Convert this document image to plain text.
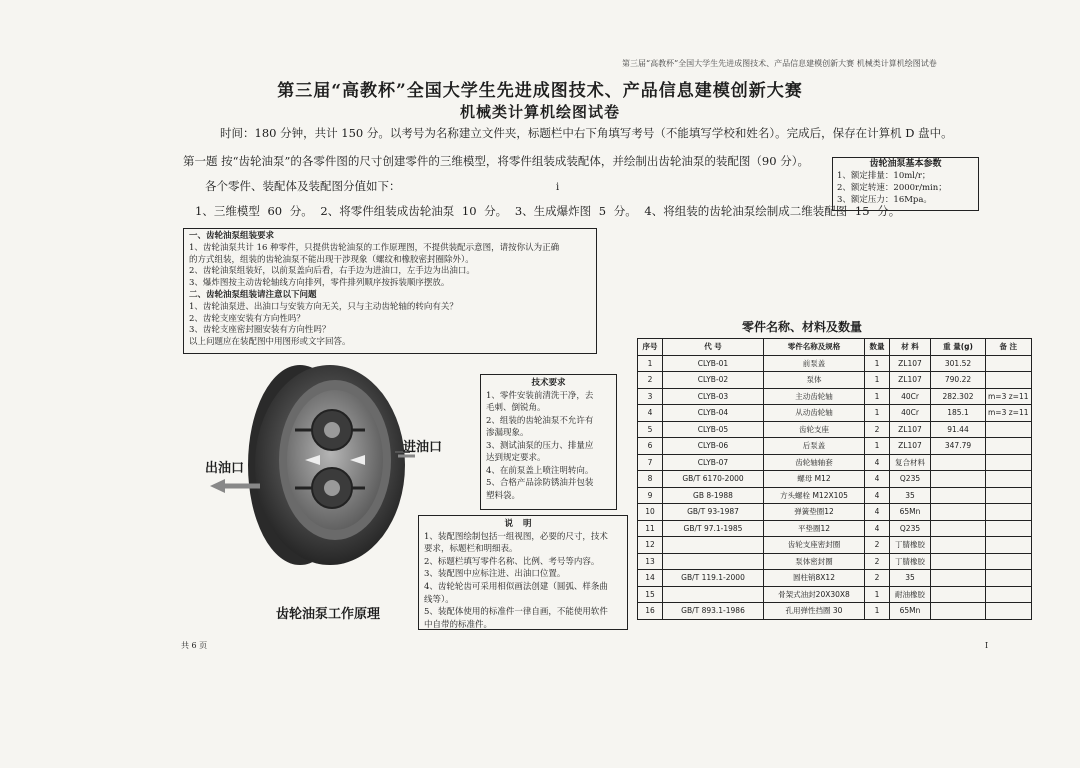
第三届“高教杯”全国大学生先进成图技术、产品信息建模创新大赛 机械类计算机绘图试卷
第三届“高教杯”全国大学生先进成图技术、产品信息建模创新大赛
机械类计算机绘图试卷
时间：180 分钟，共计 150 分。以考号为名称建立文件夹，标题栏中右下角填写考号（不能填写学校和姓名）。完成后，保存在计算机 D 盘中。
第一题 按“齿轮油泵”的各零件图的尺寸创建零件的三维模型，将零件组装成装配体，并绘制出齿轮油泵的装配图（90 分）。
各个零件、装配体及装配图分值如下：	i
1、三维模型 60 分。 2、将零件组装成齿轮油泵 10 分。 3、生成爆炸图 5 分。 4、将组装的齿轮油泵绘制成二维装配图 15 分。
齿轮油泵基本参数
1、额定排量：10ml/r；
2、额定转速：2000r/min；
3、额定压力：16Mpa。
一、齿轮油泵组装要求
1、齿轮油泵共计 16 种零件，只提供齿轮油泵的工作原理图，不提供装配示意图，请按你认为正确
的方式组装，组装的齿轮油泵不能出现干涉现象（螺纹和橡胶密封圈除外）。
2、齿轮油泵组装好，以前泵盖向后看，右手边为进油口，左手边为出油口。
3、爆炸图按主动齿轮轴线方向排列，零件排列顺序按拆装顺序摆放。
二、齿轮油泵组装请注意以下问题
1、齿轮油泵进、出油口与安装方向无关，只与主动齿轮轴的转向有关？
2、齿轮支座安装有方向性吗？
3、齿轮支座密封圈安装有方向性吗？
以上问题应在装配图中用图形或文字回答。
出油口
进油口
齿轮油泵工作原理
技术要求
1、零件安装前清洗干净，去
毛刺、倒锐角。
2、组装的齿轮油泵不允许有
渗漏现象。
3、测试油泵的压力、排量应
达到规定要求。
4、在前泵盖上喷注明转向。
5、合格产品涂防锈油并包装
塑料袋。
说明
1、装配图绘制包括一组视图，必要的尺寸，技术
要求，标题栏和明细表。
2、标题栏填写零件名称、比例、考号等内容。
3、装配图中应标注进、出油口位置。
4、齿轮轮齿可采用相似画法创建（圆弧、样条曲
线等）。
5、装配体使用的标准件一律自画，不能使用软件
中自带的标准件。
零件名称、材料及数量
序号	代 号	零件名称及规格	数量	材 料	重 量(g)	备 注
1	CLYB-01	前泵盖	1	ZL107	301.52	
2	CLYB-02	泵体	1	ZL107	790.22	
3	CLYB-03	主动齿轮轴	1	40Cr	282.302	m=3 z=11
4	CLYB-04	从动齿轮轴	1	40Cr	185.1	m=3 z=11
5	CLYB-05	齿轮支座	2	ZL107	91.44	
6	CLYB-06	后泵盖	1	ZL107	347.79	
7	CLYB-07	齿轮轴轴套	4	复合材料		
8	GB/T 6170-2000	螺母 M12	4	Q235		
9	GB 8-1988	方头螺栓 M12X105	4	35		
10	GB/T 93-1987	弹簧垫圈12	4	65Mn		
11	GB/T 97.1-1985	平垫圈12	4	Q235		
12		齿轮支座密封圈	2	丁腈橡胶		
13		泵体密封圈	2	丁腈橡胶		
14	GB/T 119.1-2000	圆柱销8X12	2	35		
15		骨架式油封20X30X8	1	耐油橡胶		
16	GB/T 893.1-1986	孔用弹性挡圈 30	1	65Mn		
共 6 页	I
